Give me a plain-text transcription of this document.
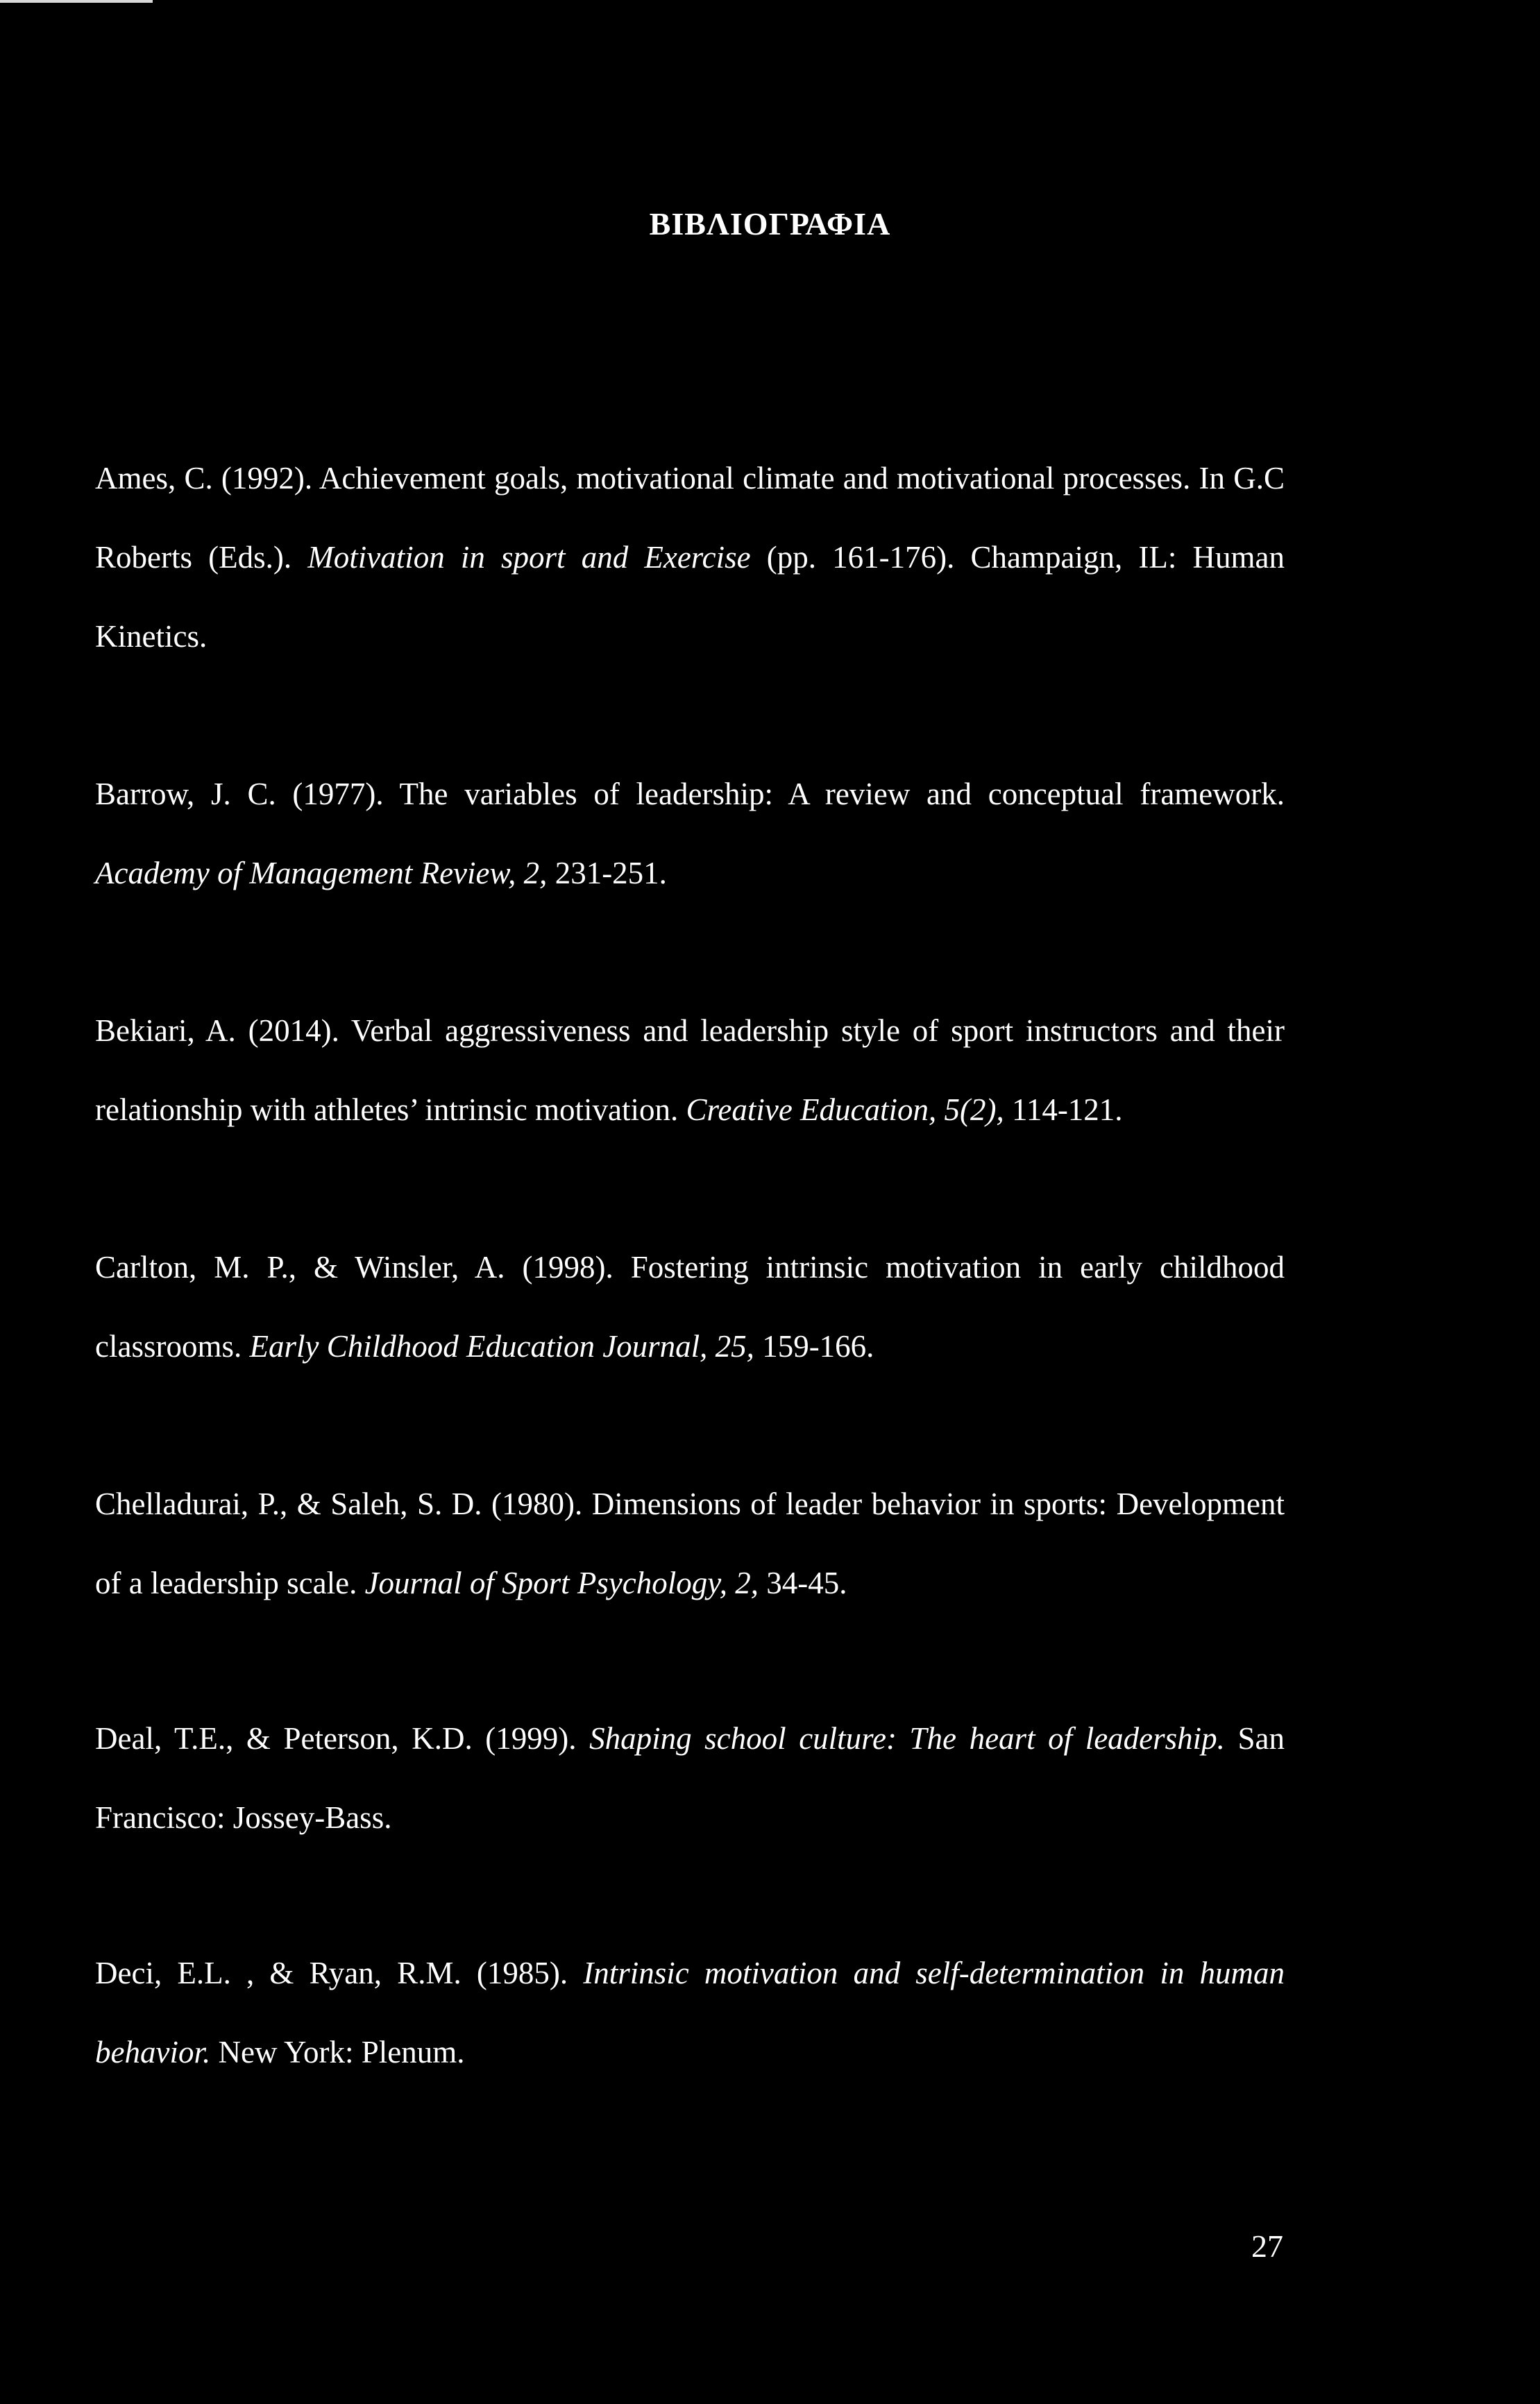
ΒΙΒΛΙΟΓΡΑΦΙΑ

Ames, C. (1992). Achievement goals, motivational climate and motivational processes. In G.C Roberts (Eds.). Motivation in sport and Exercise (pp. 161-176). Champaign, IL: Human Kinetics.

Barrow, J. C. (1977). The variables of leadership: A review and conceptual framework. Academy of Management Review, 2, 231-251.

Bekiari, A. (2014). Verbal aggressiveness and leadership style of sport instructors and their relationship with athletes’ intrinsic motivation. Creative Education, 5(2), 114-121.

Carlton, M. P., & Winsler, A. (1998). Fostering intrinsic motivation in early childhood classrooms. Early Childhood Education Journal, 25, 159-166.

Chelladurai, P., & Saleh, S. D. (1980). Dimensions of leader behavior in sports: Development of a leadership scale. Journal of Sport Psychology, 2, 34-45.

Deal, T.E., & Peterson, K.D. (1999). Shaping school culture: The heart of leadership. San Francisco: Jossey-Bass.

Deci, E.L. , & Ryan, R.M. (1985). Intrinsic motivation and self-determination in human behavior. New York: Plenum.

27
